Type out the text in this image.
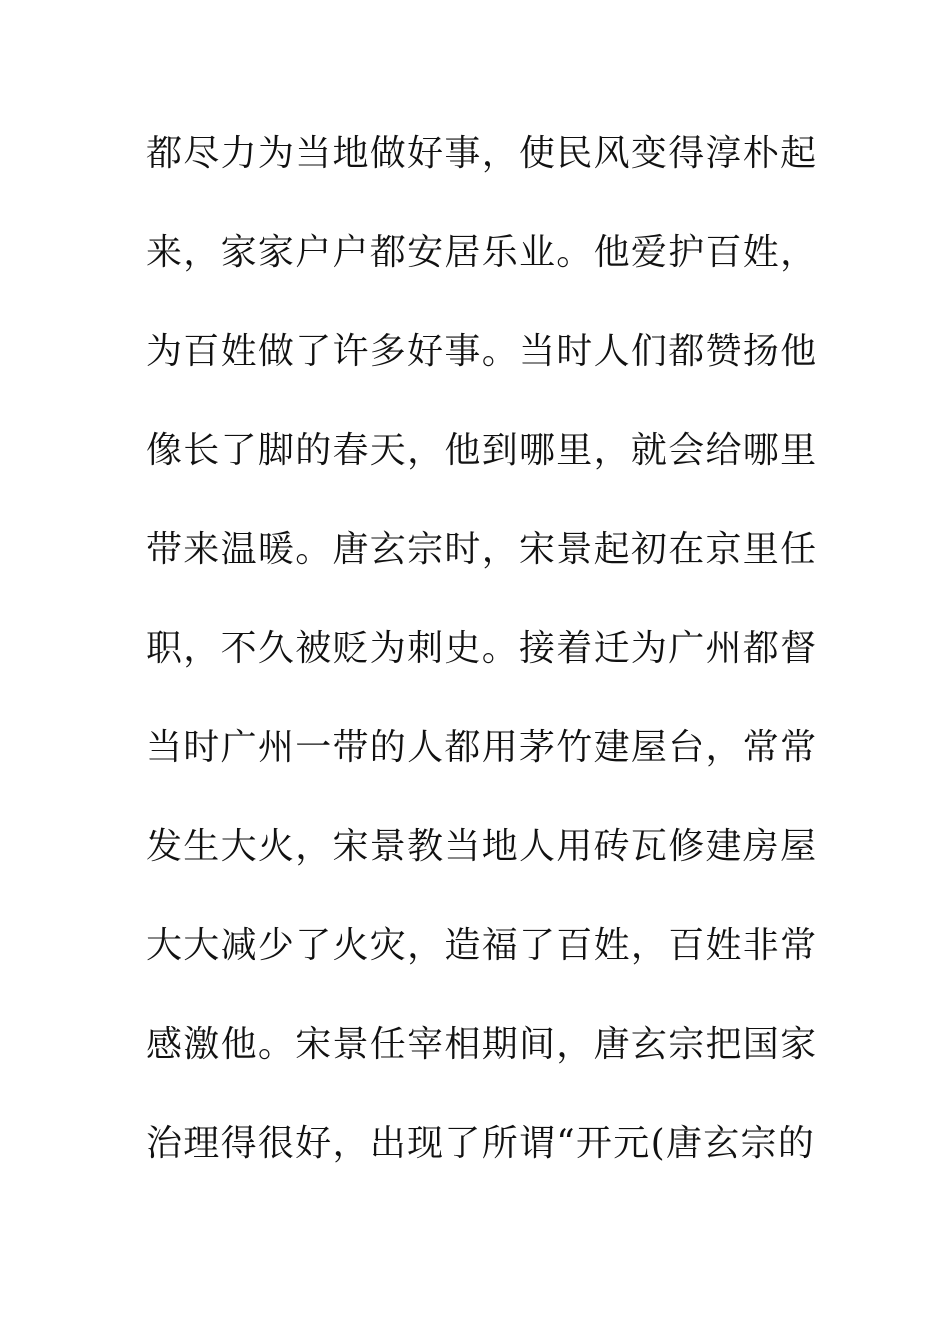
都尽力为当地做好事，使民风变得淳朴起
来，家家户户都安居乐业。他爱护百姓，
为百姓做了许多好事。当时人们都赞扬他
像长了脚的春天，他到哪里，就会给哪里
带来温暖。唐玄宗时，宋景起初在京里任
职，不久被贬为刺史。接着迁为广州都督
当时广州一带的人都用茅竹建屋台，常常
发生大火，宋景教当地人用砖瓦修建房屋
大大减少了火灾，造福了百姓，百姓非常
感激他。宋景任宰相期间，唐玄宗把国家
治理得很好，出现了所谓“开元(唐玄宗的
